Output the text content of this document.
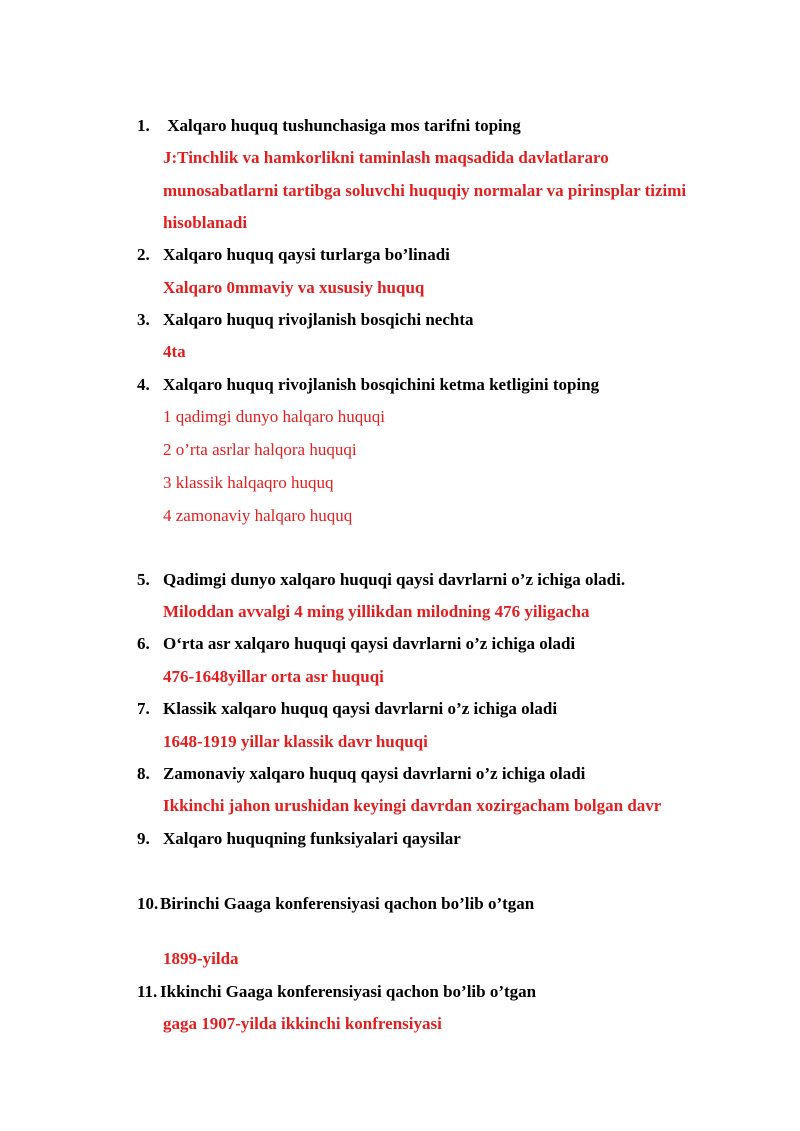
1. Xalqaro huquq tushunchasiga mos tarifni toping
J:Tinchlik va hamkorlikni taminlash maqsadida davlatlararo
munosabatlarni tartibga soluvchi huquqiy normalar va pirinsplar tizimi
hisoblanadi
2. Xalqaro huquq qaysi turlarga bo’linadi
Xalqaro 0mmaviy va xususiy huquq
3. Xalqaro huquq rivojlanish bosqichi nechta
4ta
4. Xalqaro huquq rivojlanish bosqichini ketma ketligini toping
1 qadimgi dunyo halqaro huquqi
2 o’rta asrlar halqora huquqi
3 klassik halqaqro huquq
4 zamonaviy halqaro huquq
5. Qadimgi dunyo xalqaro huquqi qaysi davrlarni o’z ichiga oladi.
Miloddan avvalgi 4 ming yillikdan milodning 476 yiligacha
6. O‘rta asr xalqaro huquqi qaysi davrlarni o’z ichiga oladi
476-1648yillar orta asr huquqi
7. Klassik xalqaro huquq qaysi davrlarni o’z ichiga oladi
1648-1919 yillar klassik davr huquqi
8. Zamonaviy xalqaro huquq qaysi davrlarni o’z ichiga oladi
Ikkinchi jahon urushidan keyingi davrdan xozirgacham bolgan davr
9. Xalqaro huquqning funksiyalari qaysilar
10. Birinchi Gaaga konferensiyasi qachon bo’lib o’tgan
1899-yilda
11. Ikkinchi Gaaga konferensiyasi qachon bo’lib o’tgan
gaga 1907-yilda ikkinchi konfrensiyasi
